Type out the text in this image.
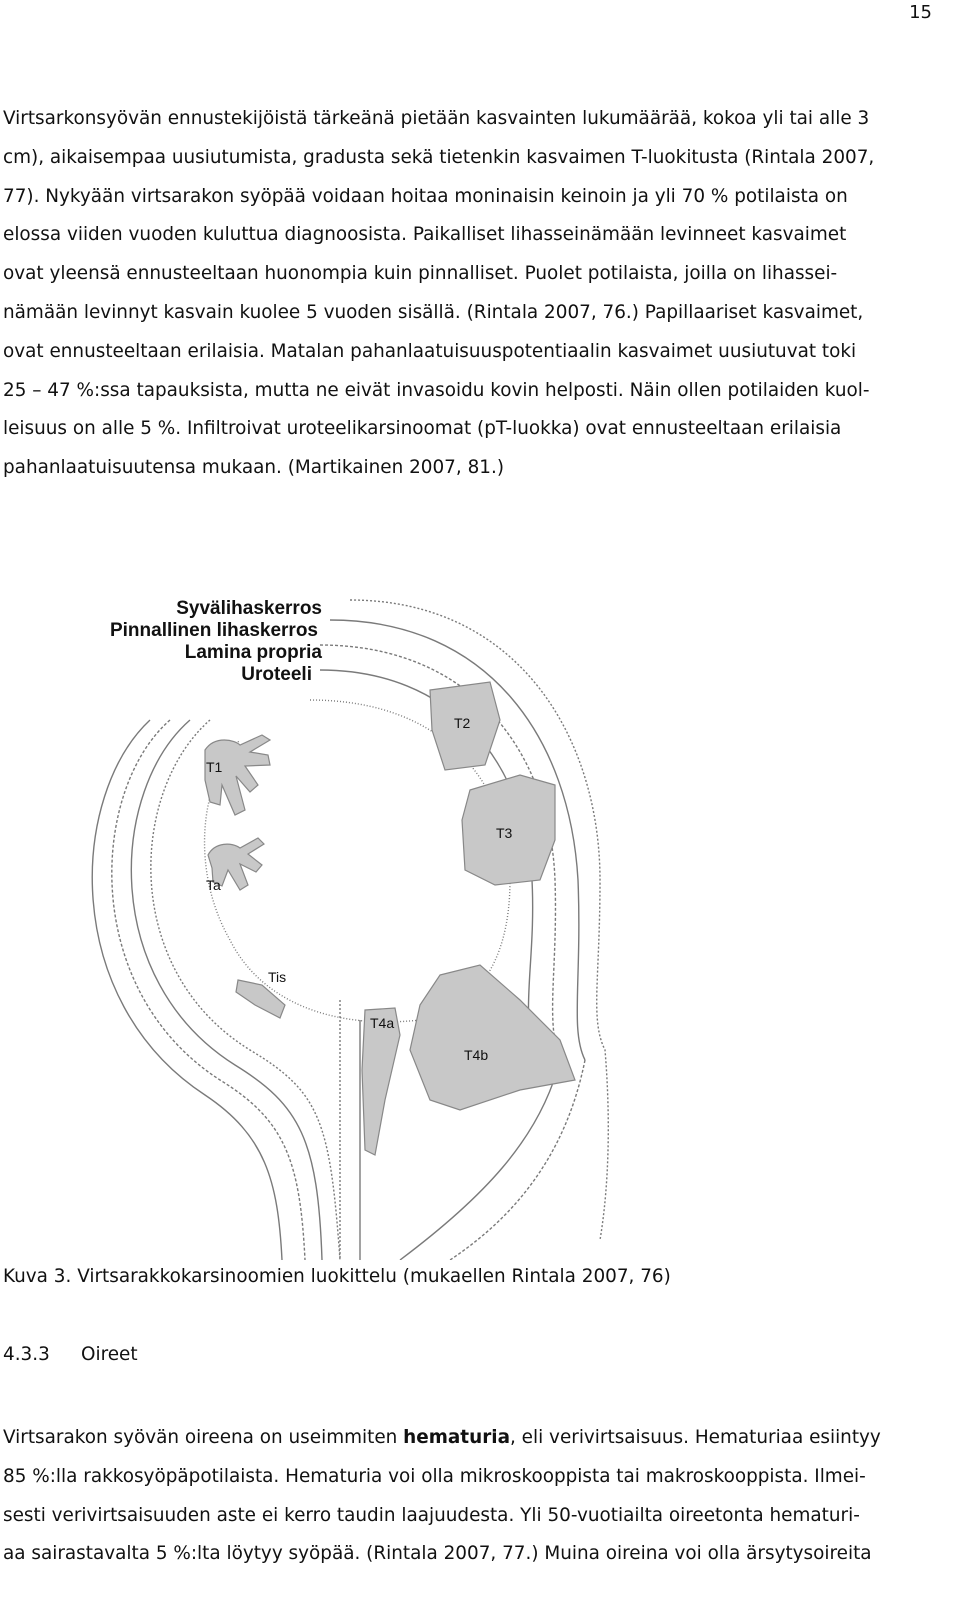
15
Virtsarkonsyövän ennustekijöistä tärkeänä pietään kasvainten lukumäärää, kokoa yli tai alle 3
cm), aikaisempaa uusiutumista, gradusta sekä tietenkin kasvaimen T-luokitusta (Rintala 2007,
77). Nykyään virtsarakon syöpää voidaan hoitaa moninaisin keinoin ja yli 70 % potilaista on
elossa viiden vuoden kuluttua diagnoosista. Paikalliset lihasseinämään levinneet kasvaimet
ovat yleensä ennusteeltaan huonompia kuin pinnalliset. Puolet potilaista, joilla on lihassei-
nämään levinnyt kasvain kuolee 5 vuoden sisällä. (Rintala 2007, 76.) Papillaariset kasvaimet,
ovat ennusteeltaan erilaisia. Matalan pahanlaatuisuuspotentiaalin kasvaimet uusiutuvat toki
25 – 47 %:ssa tapauksista, mutta ne eivät invasoidu kovin helposti. Näin ollen potilaiden kuol-
leisuus on alle 5 %. Infiltroivat uroteelikarsinoomat (pT-luokka) ovat ennusteeltaan erilaisia
pahanlaatuisuutensa mukaan. (Martikainen 2007, 81.)
T2
T3
T1
Ta
Tis
T4a
T4b
Syvälihaskerros
Pinnallinen lihaskerros
Lamina propria
Uroteeli
Kuva 3. Virtsarakkokarsinoomien luokittelu (mukaellen Rintala 2007, 76)
4.3.3 Oireet
Virtsarakon syövän oireena on useimmiten hematuria, eli verivirtsaisuus. Hematuriaa esiintyy
85 %:lla rakkosyöpäpotilaista. Hematuria voi olla mikroskooppista tai makroskooppista. Ilmei-
sesti verivirtsaisuuden aste ei kerro taudin laajuudesta. Yli 50-vuotiailta oireetonta hematuri-
aa sairastavalta 5 %:lta löytyy syöpää. (Rintala 2007, 77.) Muina oireina voi olla ärsytysoireita
